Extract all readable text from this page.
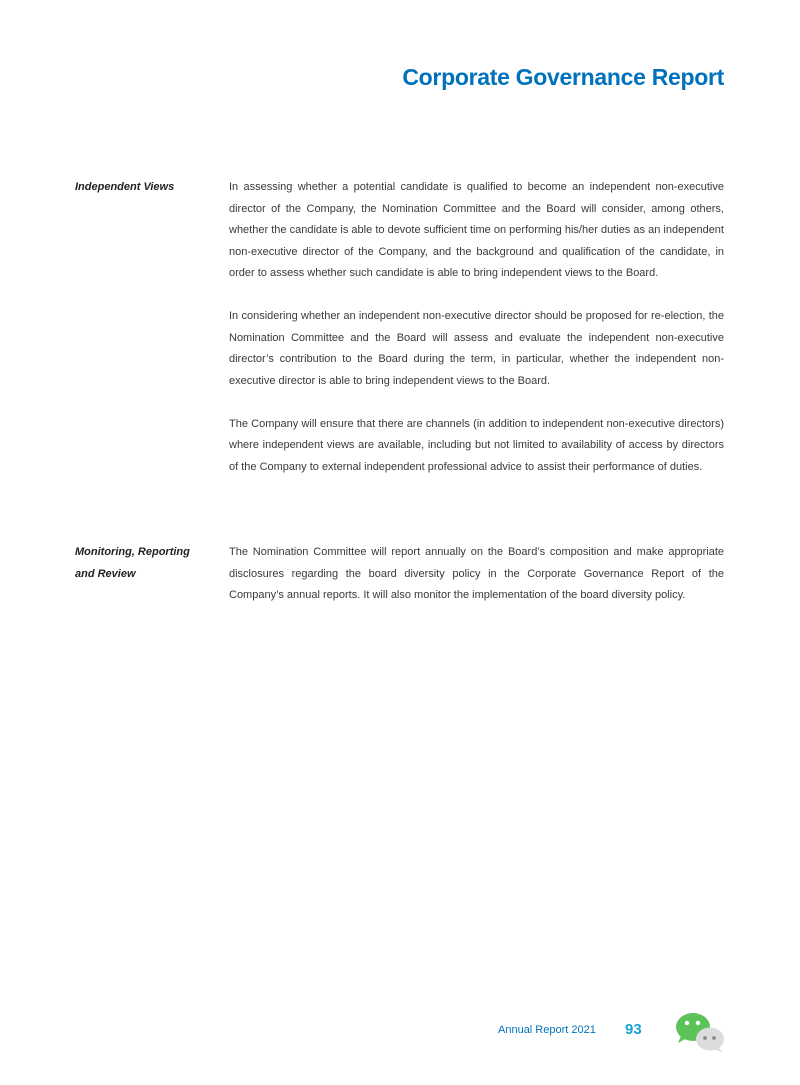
Corporate Governance Report
Independent Views	In assessing whether a potential candidate is qualified to become an independent non-executive director of the Company, the Nomination Committee and the Board will consider, among others, whether the candidate is able to devote sufficient time on performing his/her duties as an independent non-executive director of the Company, and the background and qualification of the candidate, in order to assess whether such candidate is able to bring independent views to the Board.

In considering whether an independent non-executive director should be proposed for re-election, the Nomination Committee and the Board will assess and evaluate the independent non-executive director’s contribution to the Board during the term, in particular, whether the independent non-executive director is able to bring independent views to the Board.

The Company will ensure that there are channels (in addition to independent non-executive directors) where independent views are available, including but not limited to availability of access by directors of the Company to external independent professional advice to assist their performance of duties.

Monitoring, Reporting
and Review

The Nomination Committee will report annually on the Board’s composition and make appropriate disclosures regarding the board diversity policy in the Corporate Governance Report of the Company’s annual reports. It will also monitor the implementation of the board diversity policy.

Annual Report 2021 93
